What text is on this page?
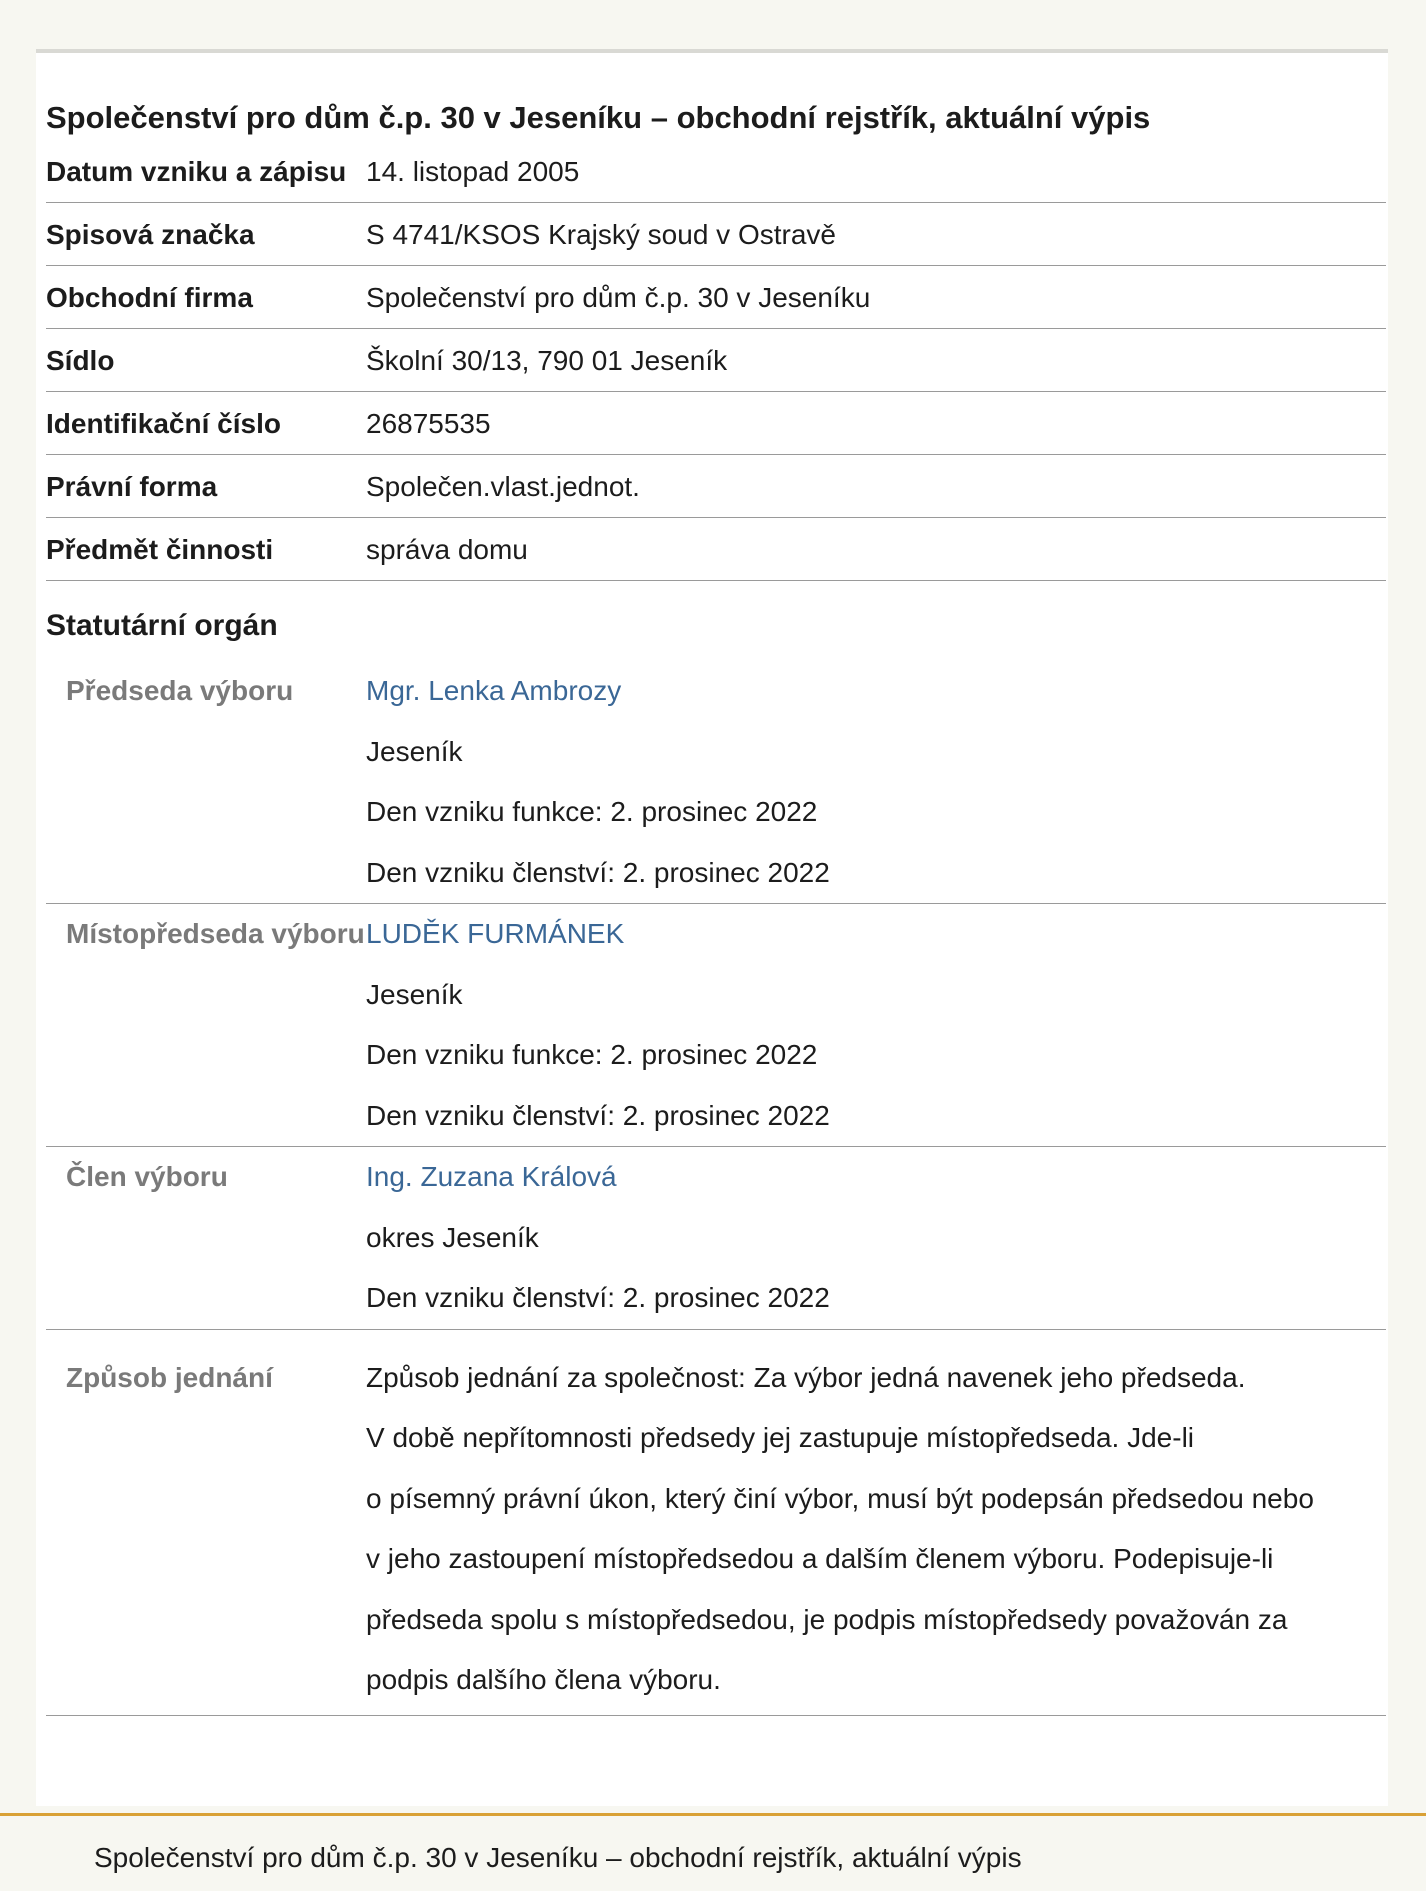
Společenství pro dům č.p. 30 v Jeseníku – obchodní rejstřík, aktuální výpis
Datum vzniku a zápisu 14. listopad 2005
Spisová značka	S 4741/KSOS Krajský soud v Ostravě
Obchodní firma	Společenství pro dům č.p. 30 v Jeseníku
Sídlo	Školní 30/13, 790 01 Jeseník
Identifikační číslo	26875535
Právní forma	Společen.vlast.jednot.
Předmět činnosti	správa domu
Statutární orgán
Předseda výboru	Mgr. Lenka Ambrozy
Jeseník
Den vzniku funkce: 2. prosinec 2022
Den vzniku členství: 2. prosinec 2022
Místopředseda výboru LUDĚK FURMÁNEK
Jeseník
Den vzniku funkce: 2. prosinec 2022
Den vzniku členství: 2. prosinec 2022
Člen výboru	Ing. Zuzana Králová
okres Jeseník
Den vzniku členství: 2. prosinec 2022
Způsob jednání	Způsob jednání za společnost: Za výbor jedná navenek jeho předseda.
V době nepřítomnosti předsedy jej zastupuje místopředseda. Jde-li
o písemný právní úkon, který činí výbor, musí být podepsán předsedou nebo
v jeho zastoupení místopředsedou a dalším členem výboru. Podepisuje-li
předseda spolu s místopředsedou, je podpis místopředsedy považován za
podpis dalšího člena výboru.
Společenství pro dům č.p. 30 v Jeseníku – obchodní rejstřík, aktuální výpis
